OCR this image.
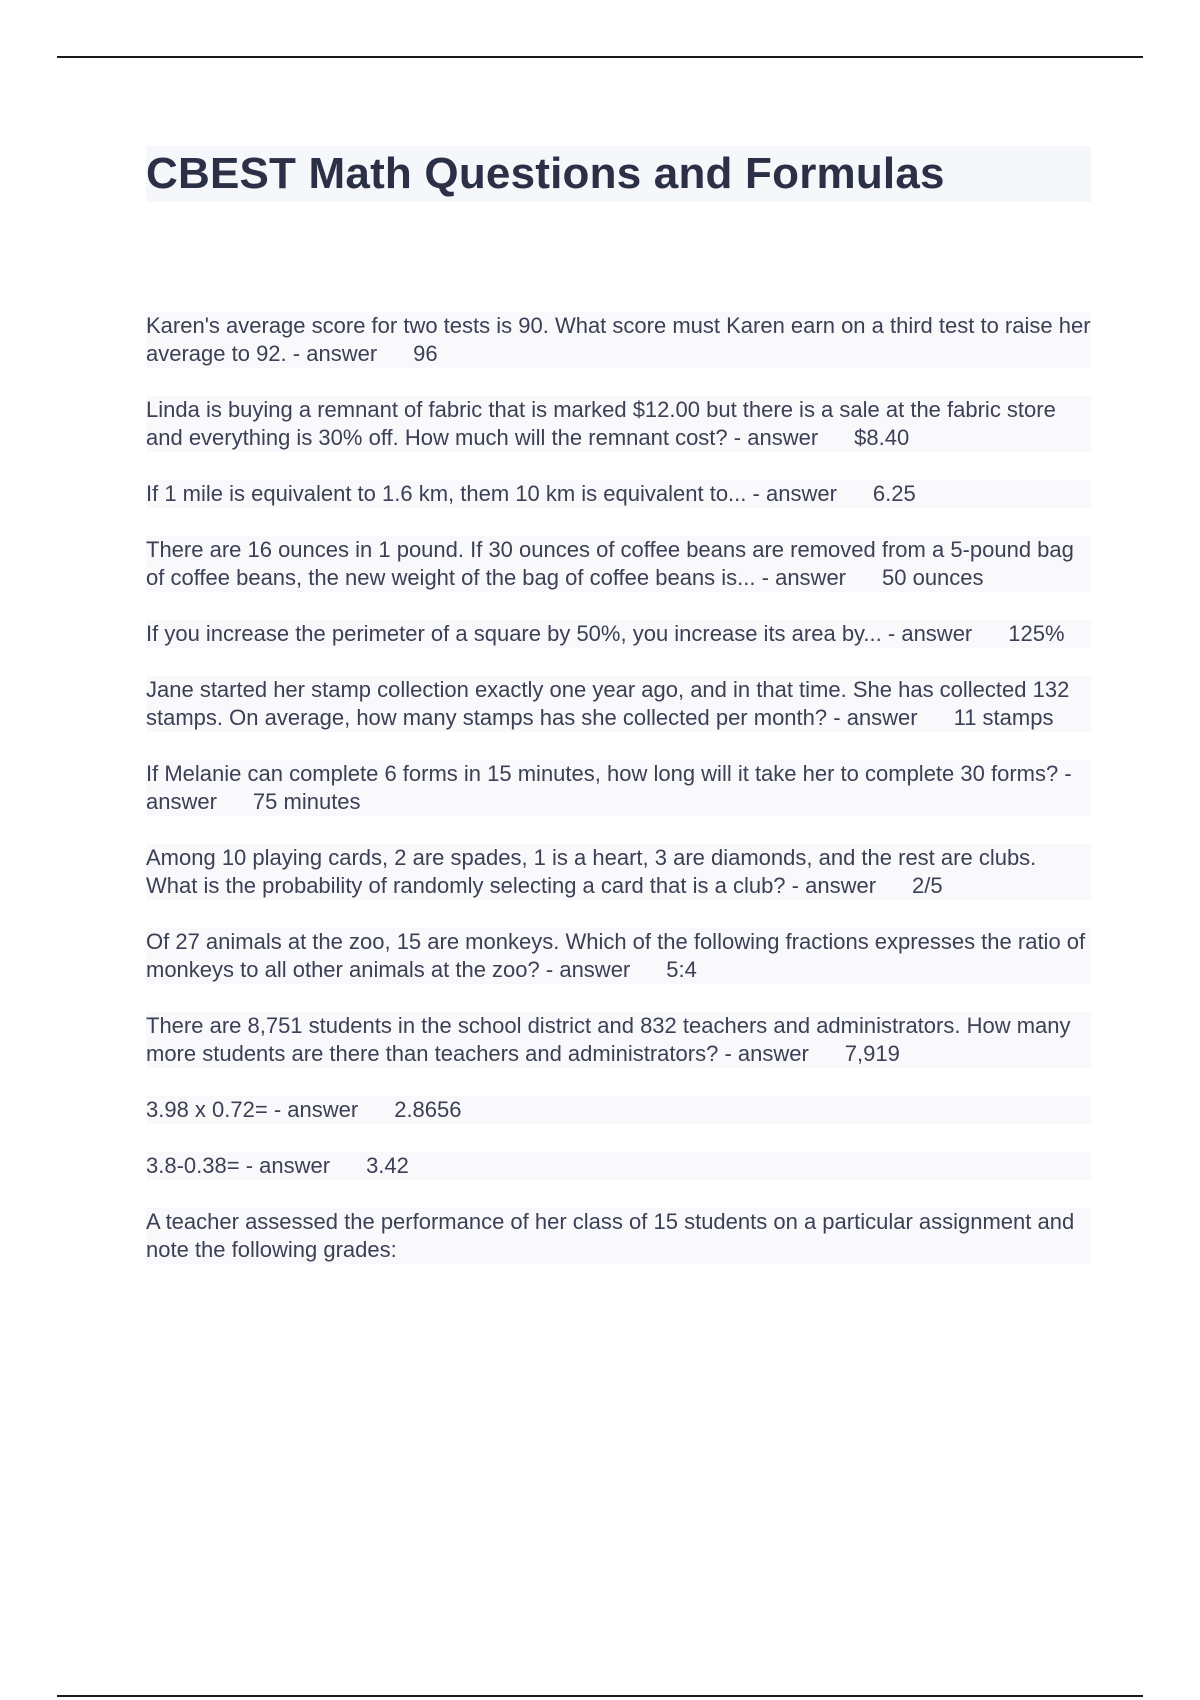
CBEST Math Questions and Formulas

Karen's average score for two tests is 90. What score must Karen earn on a third test to raise her average to 92. - answer 96

Linda is buying a remnant of fabric that is marked $12.00 but there is a sale at the fabric store and everything is 30% off. How much will the remnant cost? - answer $8.40

If 1 mile is equivalent to 1.6 km, them 10 km is equivalent to... - answer 6.25

There are 16 ounces in 1 pound. If 30 ounces of coffee beans are removed from a 5-pound bag of coffee beans, the new weight of the bag of coffee beans is... - answer 50 ounces

If you increase the perimeter of a square by 50%, you increase its area by... - answer 125%

Jane started her stamp collection exactly one year ago, and in that time. She has collected 132 stamps. On average, how many stamps has she collected per month? - answer 11 stamps

If Melanie can complete 6 forms in 15 minutes, how long will it take her to complete 30 forms? - answer 75 minutes

Among 10 playing cards, 2 are spades, 1 is a heart, 3 are diamonds, and the rest are clubs. What is the probability of randomly selecting a card that is a club? - answer 2/5

Of 27 animals at the zoo, 15 are monkeys. Which of the following fractions expresses the ratio of monkeys to all other animals at the zoo? - answer 5:4

There are 8,751 students in the school district and 832 teachers and administrators. How many more students are there than teachers and administrators? - answer 7,919

3.98 x 0.72= - answer 2.8656

3.8-0.38= - answer 3.42

A teacher assessed the performance of her class of 15 students on a particular assignment and note the following grades:
